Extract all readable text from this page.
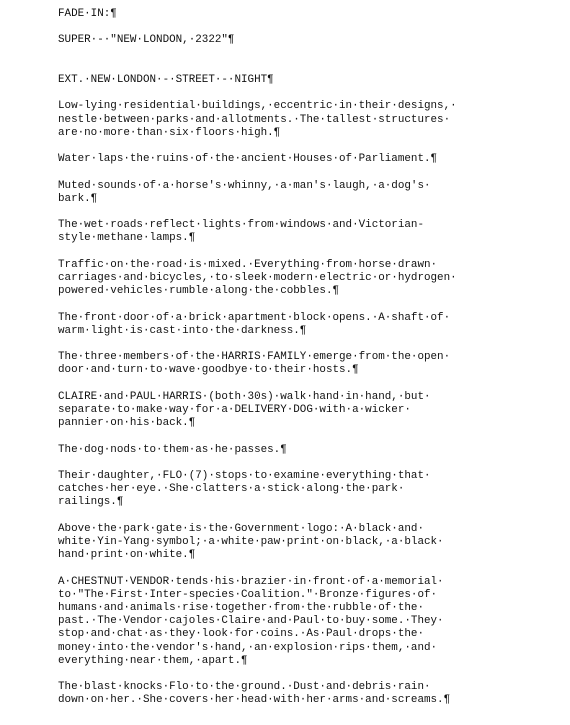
FADE·IN:¶
SUPER·-·"NEW·LONDON,·2322"¶
EXT.·NEW·LONDON·-·STREET·-·NIGHT¶
Low-lying·residential·buildings,·eccentric·in·their·designs,·
nestle·between·parks·and·allotments.·The·tallest·structures·
are·no·more·than·six·floors·high.¶
Water·laps·the·ruins·of·the·ancient·Houses·of·Parliament.¶
Muted·sounds·of·a·horse's·whinny,·a·man's·laugh,·a·dog's·
bark.¶
The·wet·roads·reflect·lights·from·windows·and·Victorian-
style·methane·lamps.¶
Traffic·on·the·road·is·mixed.·Everything·from·horse·drawn·
carriages·and·bicycles,·to·sleek·modern·electric·or·hydrogen·
powered·vehicles·rumble·along·the·cobbles.¶
The·front·door·of·a·brick·apartment·block·opens.·A·shaft·of·
warm·light·is·cast·into·the·darkness.¶
The·three·members·of·the·HARRIS·FAMILY·emerge·from·the·open·
door·and·turn·to·wave·goodbye·to·their·hosts.¶
CLAIRE·and·PAUL·HARRIS·(both·30s)·walk·hand·in·hand,·but·
separate·to·make·way·for·a·DELIVERY·DOG·with·a·wicker·
pannier·on·his·back.¶
The·dog·nods·to·them·as·he·passes.¶
Their·daughter,·FLO·(7)·stops·to·examine·everything·that·
catches·her·eye.·She·clatters·a·stick·along·the·park·
railings.¶
Above·the·park·gate·is·the·Government·logo:·A·black·and·
white·Yin-Yang·symbol;·a·white·paw·print·on·black,·a·black·
hand·print·on·white.¶
A·CHESTNUT·VENDOR·tends·his·brazier·in·front·of·a·memorial·
to·"The·First·Inter-species·Coalition."·Bronze·figures·of·
humans·and·animals·rise·together·from·the·rubble·of·the·
past.·The·Vendor·cajoles·Claire·and·Paul·to·buy·some.·They·
stop·and·chat·as·they·look·for·coins.·As·Paul·drops·the·
money·into·the·vendor's·hand,·an·explosion·rips·them,·and·
everything·near·them,·apart.¶
The·blast·knocks·Flo·to·the·ground.·Dust·and·debris·rain·
down·on·her.·She·covers·her·head·with·her·arms·and·screams.¶
